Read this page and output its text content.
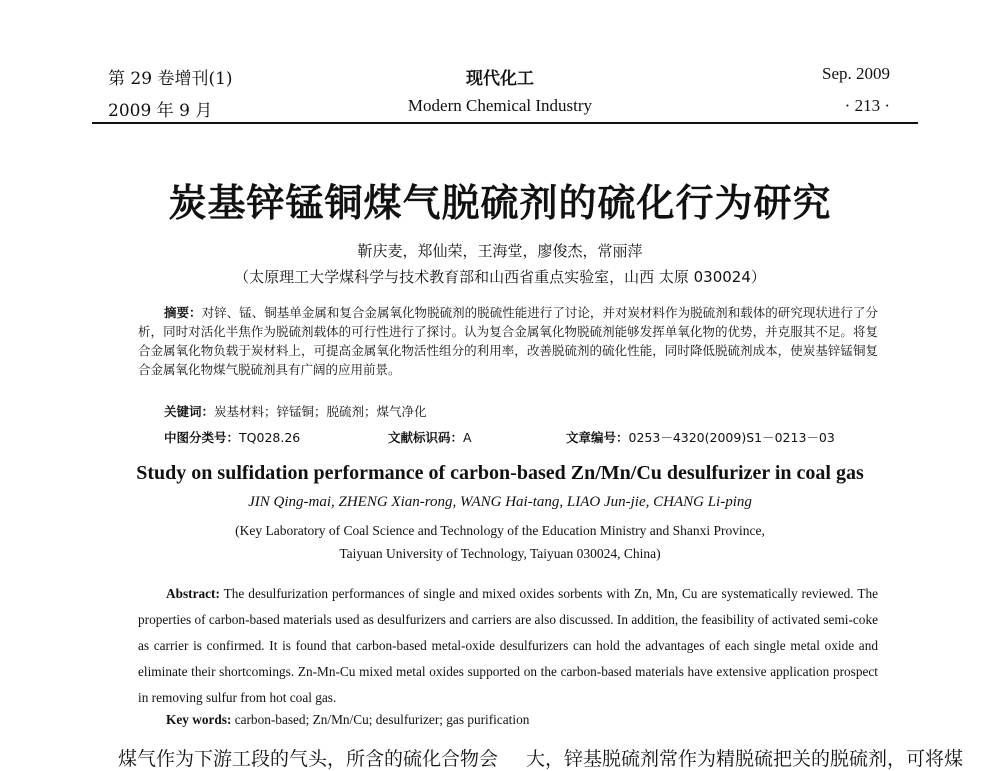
第 29 卷增刊(1)
2009 年 9 月
现代化工
Modern Chemical Industry
Sep. 2009
· 213 ·
炭基锌锰铜煤气脱硫剂的硫化行为研究
靳庆麦，郑仙荣，王海堂，廖俊杰，常丽萍
（太原理工大学煤科学与技术教育部和山西省重点实验室，山西 太原 030024）
摘要：对锌、锰、铜基单金属和复合金属氧化物脱硫剂的脱硫性能进行了讨论，并对炭材料作为脱硫剂和载体的研究现状进行了分析，同时对活化半焦作为脱硫剂载体的可行性进行了探讨。认为复合金属氧化物脱硫剂能够发挥单氧化物的优势，并克服其不足。将复合金属氧化物负载于炭材料上，可提高金属氧化物活性组分的利用率，改善脱硫剂的硫化性能，同时降低脱硫剂成本，使炭基锌锰铜复合金属氧化物煤气脱硫剂具有广阔的应用前景。
关键词：炭基材料；锌锰铜；脱硫剂；煤气净化
中图分类号：TQ028.26	文献标识码：A	文章编号：0253－4320(2009)S1－0213－03
Study on sulfidation performance of carbon-based Zn/Mn/Cu desulfurizer in coal gas
JIN Qing-mai, ZHENG Xian-rong, WANG Hai-tang, LIAO Jun-jie, CHANG Li-ping
(Key Laboratory of Coal Science and Technology of the Education Ministry and Shanxi Province,
Taiyuan University of Technology, Taiyuan 030024, China)
Abstract: The desulfurization performances of single and mixed oxides sorbents with Zn, Mn, Cu are systematically reviewed. The properties of carbon-based materials used as desulfurizers and carriers are also discussed. In addition, the feasibility of activated semi-coke as carrier is confirmed. It is found that carbon-based metal-oxide desulfurizers can hold the advantages of each single metal oxide and eliminate their shortcomings. Zn-Mn-Cu mixed metal oxides supported on the carbon-based materials have extensive application prospect in removing sulfur from hot coal gas.
Key words: carbon-based; Zn/Mn/Cu; desulfurizer; gas purification
煤气作为下游工段的气头，所含的硫化合物会 大，锌基脱硫剂常作为精脱硫把关的脱硫剂，可将煤
